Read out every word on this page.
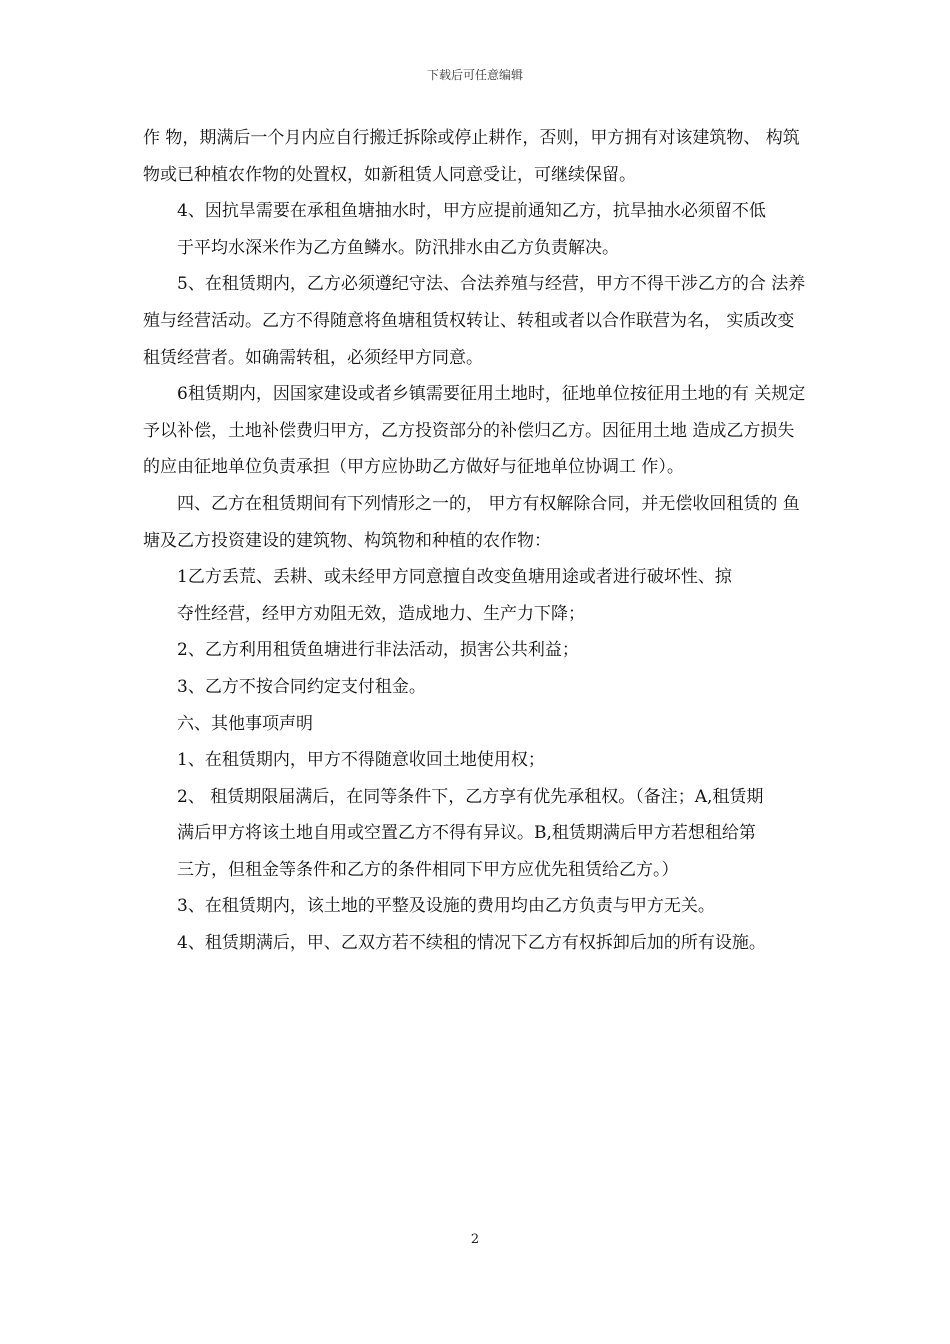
下载后可任意编辑

作 物，期满后一个月内应自行搬迁拆除或停止耕作，否则，甲方拥有对该建筑物、 构筑物或已种植农作物的处置权，如新租赁人同意受让，可继续保留。

4、因抗旱需要在承租鱼塘抽水时，甲方应提前通知乙方，抗旱抽水必须留不低

于平均水深米作为乙方鱼鳞水。防汛排水由乙方负责解决。

5、在租赁期内，乙方必须遵纪守法、合法养殖与经营，甲方不得干涉乙方的合 法养殖与经营活动。乙方不得随意将鱼塘租赁权转让、转租或者以合作联营为名， 实质改变租赁经营者。如确需转租，必须经甲方同意。

6租赁期内，因国家建设或者乡镇需要征用土地时，征地单位按征用土地的有 关规定予以补偿，土地补偿费归甲方，乙方投资部分的补偿归乙方。因征用土地 造成乙方损失的应由征地单位负责承担（甲方应协助乙方做好与征地单位协调工 作）。

四、乙方在租赁期间有下列情形之一的， 甲方有权解除合同，并无偿收回租赁的 鱼塘及乙方投资建设的建筑物、构筑物和种植的农作物：

1乙方丢荒、丢耕、或未经甲方同意擅自改变鱼塘用途或者进行破坏性、掠

夺性经营，经甲方劝阻无效，造成地力、生产力下降；

2、乙方利用租赁鱼塘进行非法活动，损害公共利益；

3、乙方不按合同约定支付租金。

六、其他事项声明

1、在租赁期内，甲方不得随意收回土地使用权；

2、 租赁期限届满后，在同等条件下，乙方享有优先承租权。（备注；A,租赁期

满后甲方将该土地自用或空置乙方不得有异议。B,租赁期满后甲方若想租给第

三方，但租金等条件和乙方的条件相同下甲方应优先租赁给乙方。）

3、在租赁期内，该土地的平整及设施的费用均由乙方负责与甲方无关。

4、租赁期满后，甲、乙双方若不续租的情况下乙方有权拆卸后加的所有设施。

2
